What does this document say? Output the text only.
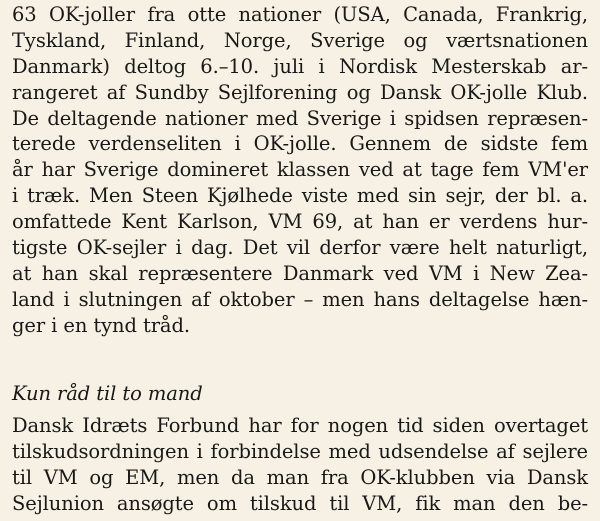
63 OK-joller fra otte nationer (USA, Canada, Frankrig,
Tyskland, Finland, Norge, Sverige og værtsnationen
Danmark) deltog 6.–10. juli i Nordisk Mesterskab ar-
rangeret af Sundby Sejlforening og Dansk OK-jolle Klub.
De deltagende nationer med Sverige i spidsen repræsen-
terede verdenseliten i OK-jolle. Gennem de sidste fem
år har Sverige domineret klassen ved at tage fem VM'er
i træk. Men Steen Kjølhede viste med sin sejr, der bl. a.
omfattede Kent Karlson, VM 69, at han er verdens hur-
tigste OK-sejler i dag. Det vil derfor være helt naturligt,
at han skal repræsentere Danmark ved VM i New Zea-
land i slutningen af oktober – men hans deltagelse hæn-
ger i en tynd tråd.
Kun råd til to mand
Dansk Idræts Forbund har for nogen tid siden overtaget
tilskudsordningen i forbindelse med udsendelse af sejlere
til VM og EM, men da man fra OK-klubben via Dansk
Sejlunion ansøgte om tilskud til VM, fik man den be-
